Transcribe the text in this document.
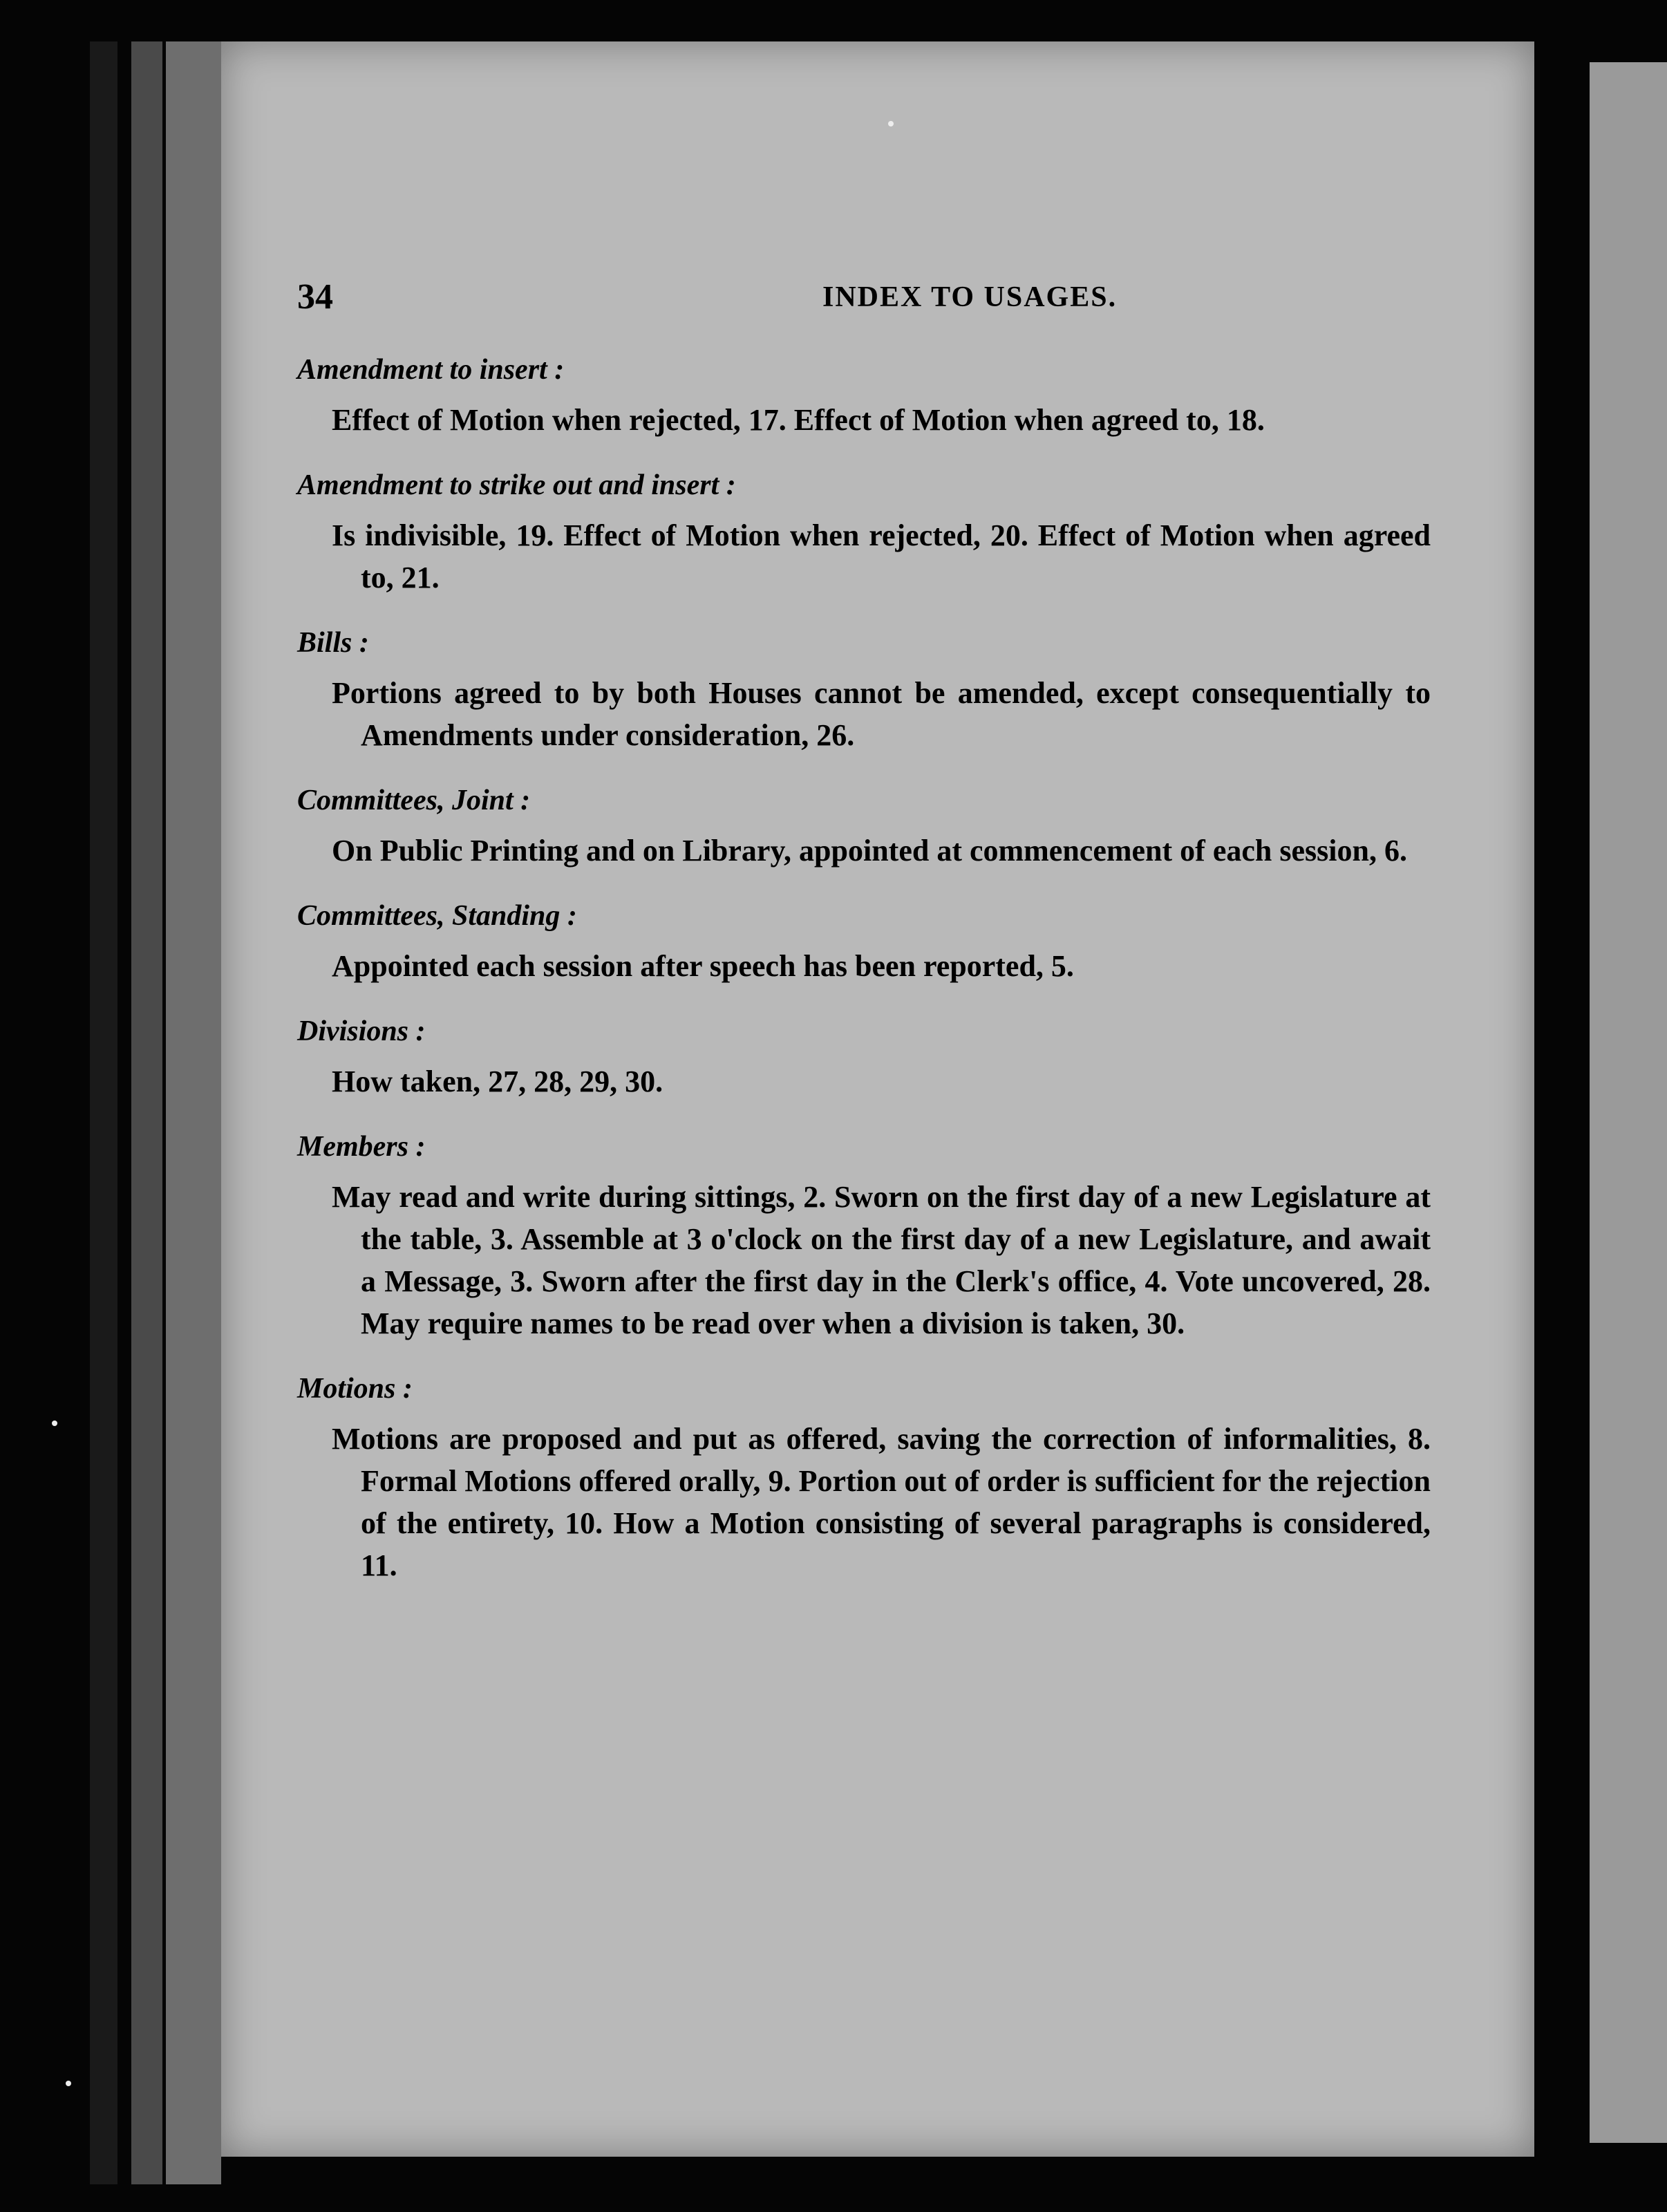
34	INDEX TO USAGES.

Amendment to insert :

Effect of Motion when rejected, 17. Effect of Motion when agreed to, 18.

Amendment to strike out and insert :

Is indivisible, 19. Effect of Motion when rejected, 20. Effect of Motion when agreed to, 21.

Bills :

Portions agreed to by both Houses cannot be amended, except consequentially to Amendments under consideration, 26.

Committees, Joint :

On Public Printing and on Library, appointed at commencement of each session, 6.

Committees, Standing :

Appointed each session after speech has been reported, 5.

Divisions :

How taken, 27, 28, 29, 30.

Members :

May read and write during sittings, 2. Sworn on the first day of a new Legislature at the table, 3. Assemble at 3 o'clock on the first day of a new Legislature, and await a Message, 3. Sworn after the first day in the Clerk's office, 4. Vote uncovered, 28. May require names to be read over when a division is taken, 30.

Motions :

Motions are proposed and put as offered, saving the correction of informalities, 8. Formal Motions offered orally, 9. Portion out of order is sufficient for the rejection of the entirety, 10. How a Motion consisting of several paragraphs is considered, 11.
